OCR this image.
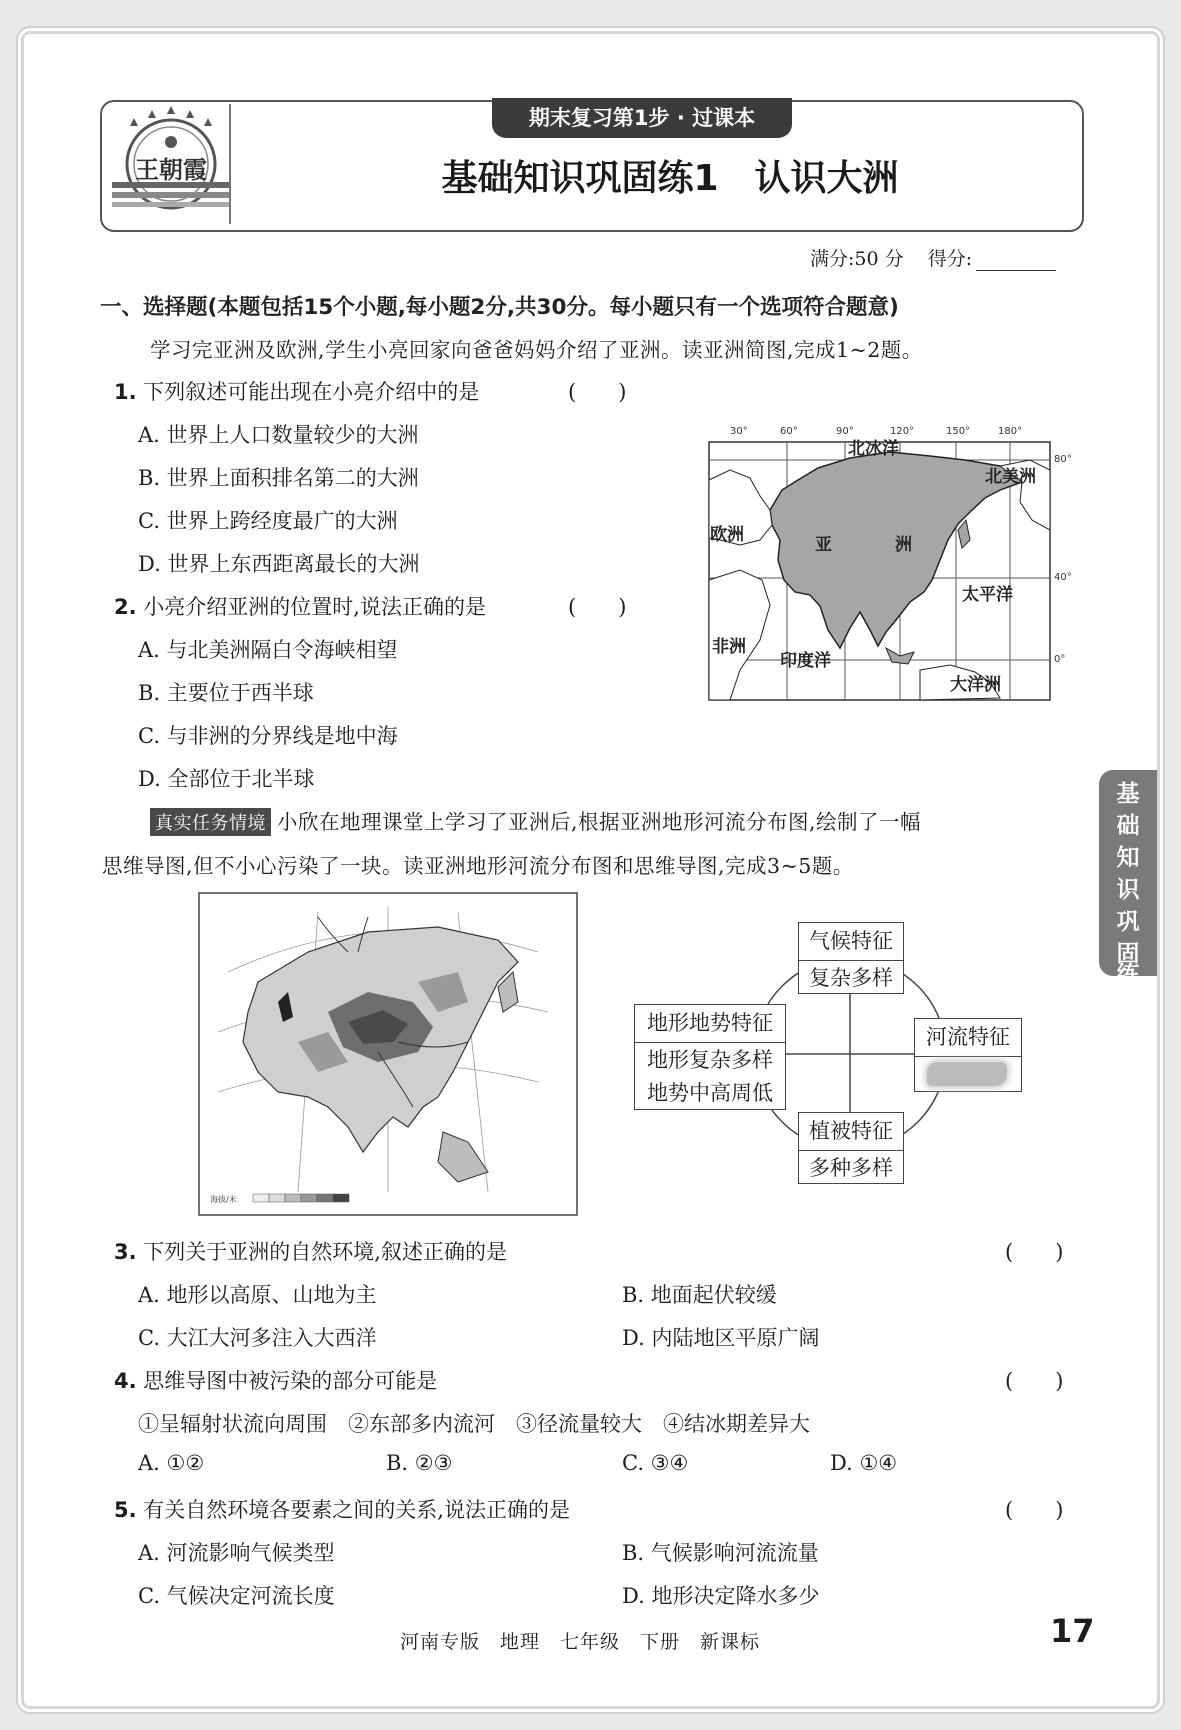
王朝霞
期末复习第1步 · 过课本
基础知识巩固练1　认识大洲
满分:50 分 得分:
一、选择题(本题包括15个小题,每小题2分,共30分。每小题只有一个选项符合题意)
学习完亚洲及欧洲,学生小亮回家向爸爸妈妈介绍了亚洲。读亚洲简图,完成1~2题。
1. 下列叙述可能出现在小亮介绍中的是	(　　)
A. 世界上人口数量较少的大洲
B. 世界上面积排名第二的大洲
C. 世界上跨经度最广的大洲
D. 世界上东西距离最长的大洲
2. 小亮介绍亚洲的位置时,说法正确的是	(　　)
A. 与北美洲隔白令海峡相望
B. 主要位于西半球
C. 与非洲的分界线是地中海
D. 全部位于北半球
30°	60°	90°	120°	150°	180°
80°
40°
0°
北冰洋
北美洲
欧洲	亚	洲
太平洋
非洲
印度洋
大洋洲
真实任务情境 小欣在地理课堂上学习了亚洲后,根据亚洲地形河流分布图,绘制了一幅
思维导图,但不小心污染了一块。读亚洲地形河流分布图和思维导图,完成3~5题。
海拔/米
气候特征
复杂多样
地形地势特征
地形复杂多样
地势中高周低
河流特征
植被特征
多种多样
3. 下列关于亚洲的自然环境,叙述正确的是	(　　)
A. 地形以高原、山地为主	B. 地面起伏较缓
C. 大江大河多注入大西洋	D. 内陆地区平原广阔
4. 思维导图中被污染的部分可能是	(　　)
①呈辐射状流向周围　②东部多内流河　③径流量较大　④结冰期差异大
A. ①②	B. ②③	C. ③④	D. ①④
5. 有关自然环境各要素之间的关系,说法正确的是	(　　)
A. 河流影响气候类型	B. 气候影响河流流量
C. 气候决定河流长度	D. 地形决定降水多少
基
础
知
识
巩
固
练
河南专版　地理　七年级　下册　新课标	17
